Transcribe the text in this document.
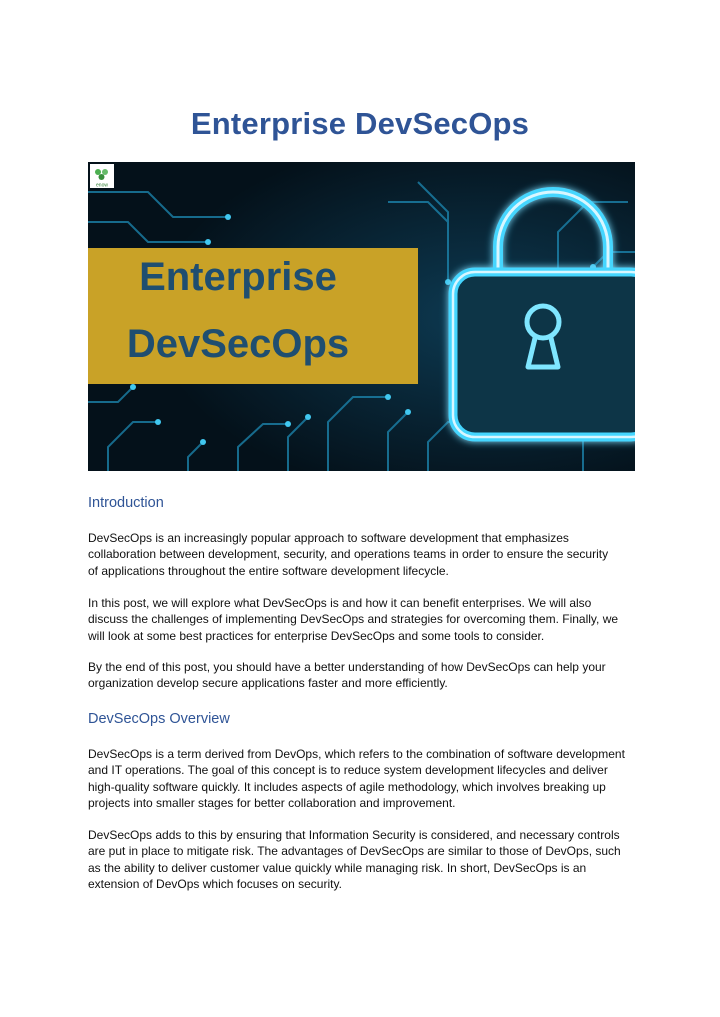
Enterprise DevSecOps
enow
Enterprise
DevSecOps
Introduction
DevSecOps is an increasingly popular approach to software development that emphasizes
collaboration between development, security, and operations teams in order to ensure the security
of applications throughout the entire software development lifecycle.
In this post, we will explore what DevSecOps is and how it can benefit enterprises. We will also
discuss the challenges of implementing DevSecOps and strategies for overcoming them. Finally, we
will look at some best practices for enterprise DevSecOps and some tools to consider.
By the end of this post, you should have a better understanding of how DevSecOps can help your
organization develop secure applications faster and more efficiently.
DevSecOps Overview
DevSecOps is a term derived from DevOps, which refers to the combination of software development
and IT operations. The goal of this concept is to reduce system development lifecycles and deliver
high-quality software quickly. It includes aspects of agile methodology, which involves breaking up
projects into smaller stages for better collaboration and improvement.
DevSecOps adds to this by ensuring that Information Security is considered, and necessary controls
are put in place to mitigate risk. The advantages of DevSecOps are similar to those of DevOps, such
as the ability to deliver customer value quickly while managing risk. In short, DevSecOps is an
extension of DevOps which focuses on security.
